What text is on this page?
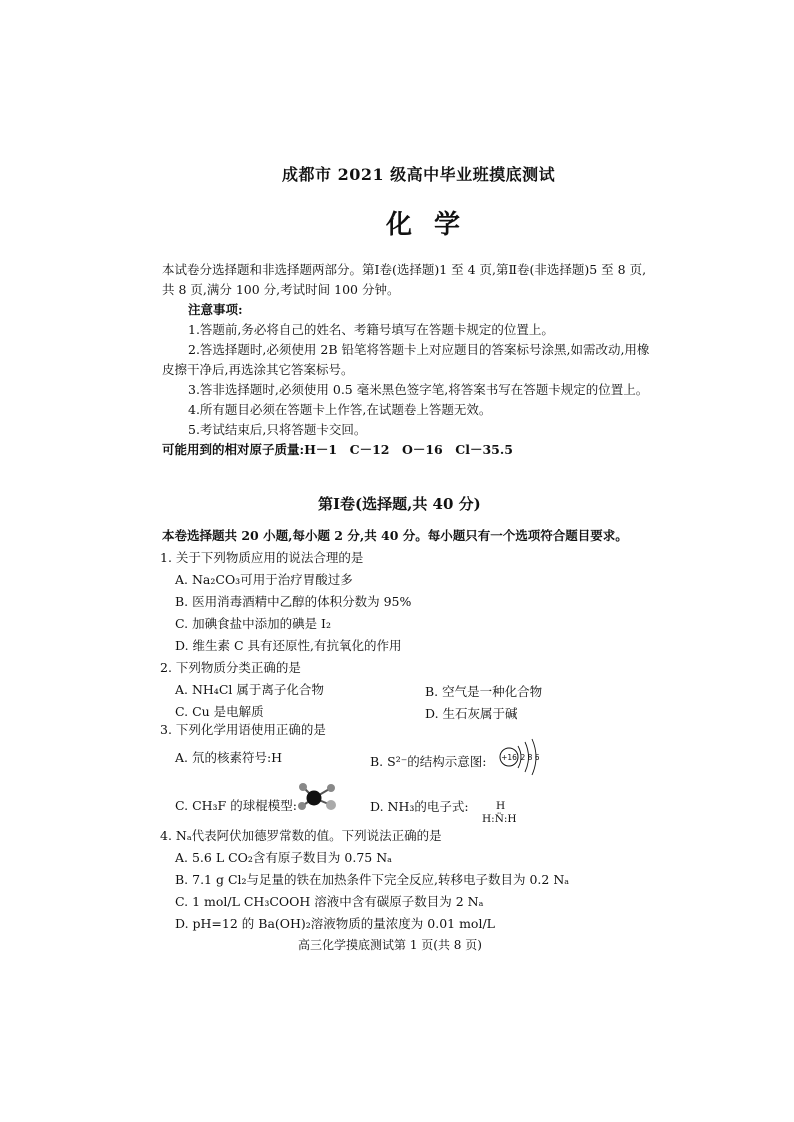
成都市 2021 级高中毕业班摸底测试
化学
本试卷分选择题和非选择题两部分。第Ⅰ卷(选择题)1 至 4 页,第Ⅱ卷(非选择题)5 至 8 页,
共 8 页,满分 100 分,考试时间 100 分钟。
注意事项:
1.答题前,务必将自己的姓名、考籍号填写在答题卡规定的位置上。
2.答选择题时,必须使用 2B 铅笔将答题卡上对应题目的答案标号涂黑,如需改动,用橡
皮擦干净后,再选涂其它答案标号。
3.答非选择题时,必须使用 0.5 毫米黑色签字笔,将答案书写在答题卡规定的位置上。
4.所有题目必须在答题卡上作答,在试题卷上答题无效。
5.考试结束后,只将答题卡交回。
可能用到的相对原子质量:H－1　C－12　O－16　Cl－35.5
第Ⅰ卷(选择题,共 40 分)
本卷选择题共 20 小题,每小题 2 分,共 40 分。每小题只有一个选项符合题目要求。
1. 关于下列物质应用的说法合理的是
A. Na₂CO₃可用于治疗胃酸过多
B. 医用消毒酒精中乙醇的体积分数为 95%
C. 加碘食盐中添加的碘是 I₂
D. 维生素 C 具有还原性,有抗氧化的作用
2. 下列物质分类正确的是
A. NH₄Cl 属于离子化合物	B. 空气是一种化合物
C. Cu 是电解质	D. 生石灰属于碱
3. 下列化学用语使用正确的是
A. 氘的核素符号:H	B. S²⁻的结构示意图: +16 2 8 6
C. CH₃F 的球棍模型:	D. NH₃的电子式:	H
H:N̈:H
4. Nₐ代表阿伏加德罗常数的值。下列说法正确的是
A. 5.6 L CO₂含有原子数目为 0.75 Nₐ
B. 7.1 g Cl₂与足量的铁在加热条件下完全反应,转移电子数目为 0.2 Nₐ
C. 1 mol/L CH₃COOH 溶液中含有碳原子数目为 2 Nₐ
D. pH=12 的 Ba(OH)₂溶液物质的量浓度为 0.01 mol/L
高三化学摸底测试第 1 页(共 8 页)
